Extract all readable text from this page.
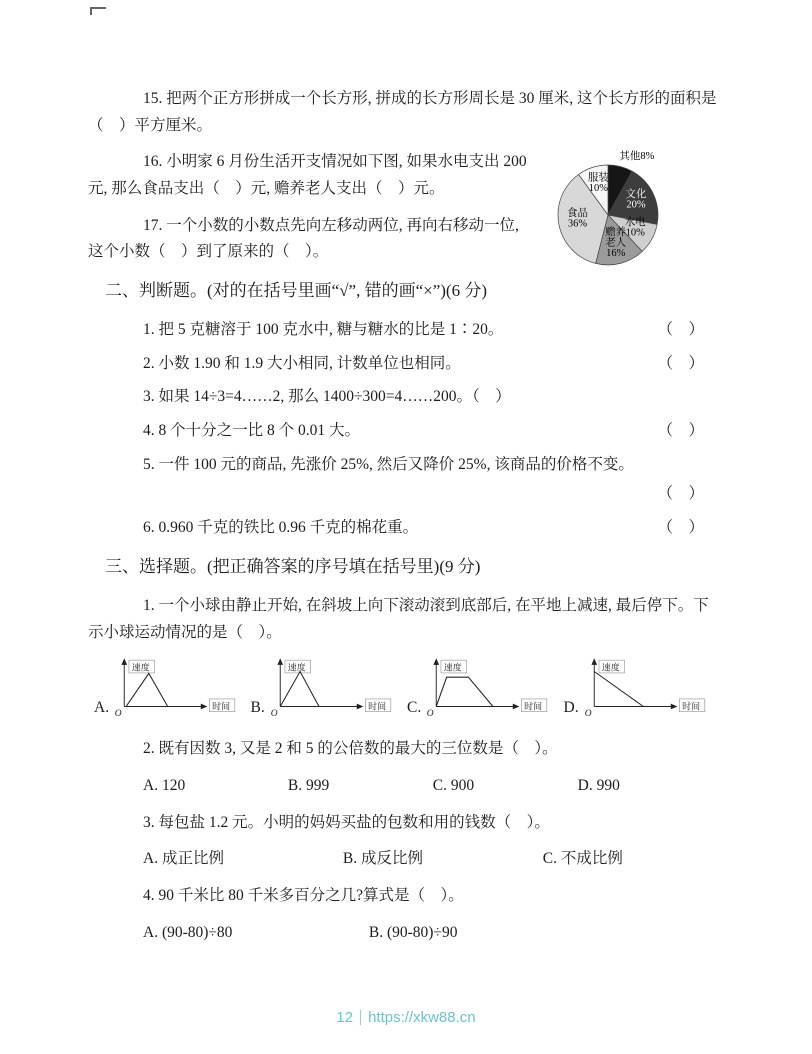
15. 把两个正方形拼成一个长方形, 拼成的长方形周长是 30 厘米, 这个长方形的面积是（　）平方厘米。

其他8%
文化 20%
水电 10%
赡养老人 16%
食品 36%
服装 10%

16. 小明家 6 月份生活开支情况如下图, 如果水电支出 200 元, 那么食品支出（　）元, 赡养老人支出（　）元。

17. 一个小数的小数点先向左移动两位, 再向右移动一位, 这个小数（　）到了原来的（　）。

二、判断题。(对的在括号里画“√”, 错的画“×”)(6 分)
1. 把 5 克糖溶于 100 克水中, 糖与糖水的比是 1∶20。	（　）
2. 小数 1.90 和 1.9 大小相同, 计数单位也相同。	（　）
3. 如果 14÷3=4……2, 那么 1400÷300=4……200。（　）
4. 8 个十分之一比 8 个 0.01 大。	（　）
5. 一件 100 元的商品, 先涨价 25%, 然后又降价 25%, 该商品的价格不变。
（　）
6. 0.960 千克的铁比 0.96 千克的棉花重。	（　）
三、选择题。(把正确答案的序号填在括号里)(9 分)

1. 一个小球由静止开始, 在斜坡上向下滚动滚到底部后, 在平地上减速, 最后停下。下示小球运动情况的是（　）。

A.
速度
时间
O	B.
速度
时间
O	C.
速度
时间
O	D.
速度
时间
O

2. 既有因数 3, 又是 2 和 5 的公倍数的最大的三位数是（　）。

A. 120	B. 999	C. 900	D. 990

3. 每包盐 1.2 元。小明的妈妈买盐的包数和用的钱数（　）。

A. 成正比例	B. 成反比例	C. 不成比例

4. 90 千米比 80 千米多百分之几?算式是（　）。

A. (90-80)÷80	B. (90-80)÷90
12 https://xkw88.cn
